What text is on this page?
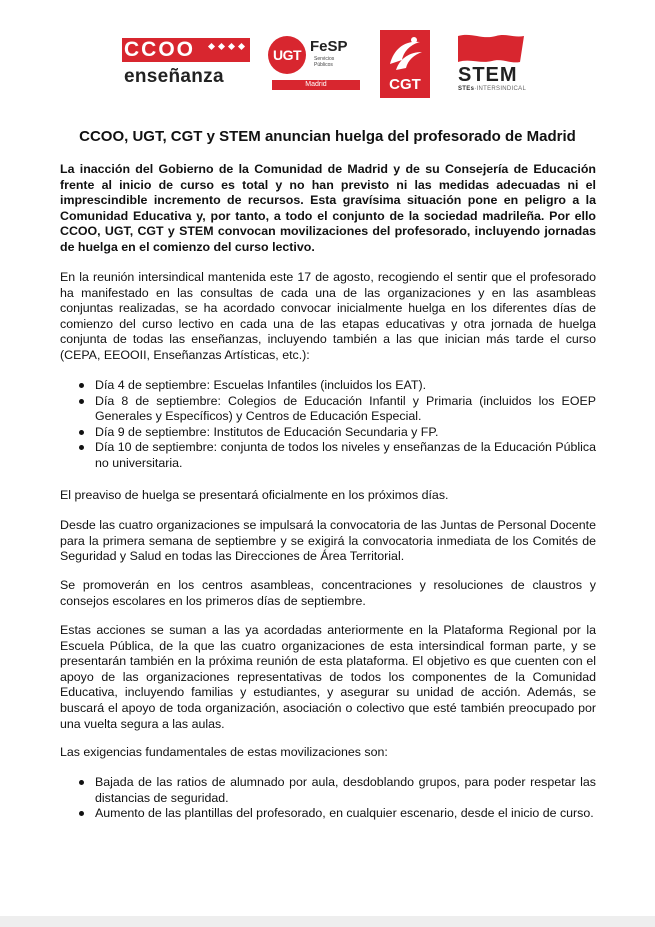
CCOO
enseñanza
UGT FeSP
Servicios Públicos
Madrid	CGT	STEM
STEs·INTERSINDICAL
CCOO, UGT, CGT y STEM anuncian huelga del profesorado de Madrid

La inacción del Gobierno de la Comunidad de Madrid y de su Consejería de Educación frente al inicio de curso es total y no han previsto ni las medidas adecuadas ni el imprescindible incremento de recursos. Esta gravísima situación pone en peligro a la Comunidad Educativa y, por tanto, a todo el conjunto de la sociedad madrileña. Por ello CCOO, UGT, CGT y STEM convocan movilizaciones del profesorado, incluyendo jornadas de huelga en el comienzo del curso lectivo.

En la reunión intersindical mantenida este 17 de agosto, recogiendo el sentir que el profesorado ha manifestado en las consultas de cada una de las organizaciones y en las asambleas conjuntas realizadas, se ha acordado convocar inicialmente huelga en los diferentes días de comienzo del curso lectivo en cada una de las etapas educativas y otra jornada de huelga conjunta de todas las enseñanzas, incluyendo también a las que inician más tarde el curso (CEPA, EEOOII, Enseñanzas Artísticas, etc.):

Día 4 de septiembre: Escuelas Infantiles (incluidos los EAT).
Día 8 de septiembre: Colegios de Educación Infantil y Primaria (incluidos los EOEP Generales y Específicos) y Centros de Educación Especial.
Día 9 de septiembre: Institutos de Educación Secundaria y FP.
Día 10 de septiembre: conjunta de todos los niveles y enseñanzas de la Educación Pública no universitaria.

El preaviso de huelga se presentará oficialmente en los próximos días.

Desde las cuatro organizaciones se impulsará la convocatoria de las Juntas de Personal Docente para la primera semana de septiembre y se exigirá la convocatoria inmediata de los Comités de Seguridad y Salud en todas las Direcciones de Área Territorial.

Se promoverán en los centros asambleas, concentraciones y resoluciones de claustros y consejos escolares en los primeros días de septiembre.

Estas acciones se suman a las ya acordadas anteriormente en la Plataforma Regional por la Escuela Pública, de la que las cuatro organizaciones de esta intersindical forman parte, y se presentarán también en la próxima reunión de esta plataforma. El objetivo es que cuenten con el apoyo de las organizaciones representativas de todos los componentes de la Comunidad Educativa, incluyendo familias y estudiantes, y asegurar su unidad de acción. Además, se buscará el apoyo de toda organización, asociación o colectivo que esté también preocupado por una vuelta segura a las aulas.

Las exigencias fundamentales de estas movilizaciones son:

Bajada de las ratios de alumnado por aula, desdoblando grupos, para poder respetar las distancias de seguridad.
Aumento de las plantillas del profesorado, en cualquier escenario, desde el inicio de curso.
